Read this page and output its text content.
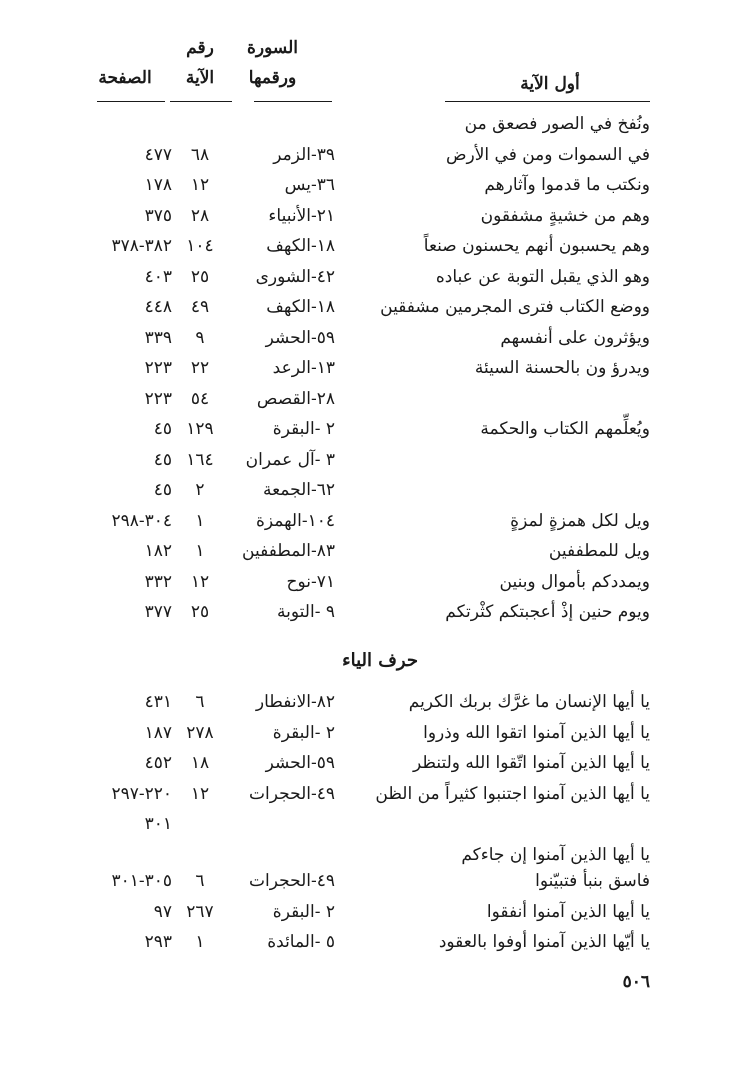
السورة
رقم
ورقمها
الآية
الصفحة	أول الآية
ونُفخ في الصور فصعق من
في السموات ومن في الأرض
٣٩-الزمر
٦٨
٤٧٧
ونكتب ما قدموا وآثارهم
٣٦-يس
١٢
١٧٨
وهم من خشيةٍ مشفقون
٢١-الأنبياء
٢٨
٣٧٥
وهم يحسبون أنهم يحسنون صنعاً
١٨-الكهف
١٠٤
٣٨٢-٣٧٨
وهو الذي يقبل التوبة عن عباده
٤٢-الشورى
٢٥
٤٠٣
ووضع الكتاب فترى المجرمين مشفقين
١٨-الكهف
٤٩
٤٤٨
ويؤثرون على أنفسهم
٥٩-الحشر
٩
٣٣٩
ويدرؤ ون بالحسنة السيئة
١٣-الرعد
٢٢
٢٢٣
٢٨-القصص
٥٤
٢٢٣
ويُعلِّمهم الكتاب والحكمة
٢ -البقرة
١٢٩
٤٥
٣ -آل عمران
١٦٤
٤٥
٦٢-الجمعة
٢
٤٥
ويل لكل همزةٍ لمزةٍ
١٠٤-الهمزة
١
٣٠٤-٢٩٨
ويل للمطففين
٨٣-المطففين
١
١٨٢
ويمددكم بأموال وبنين
٧١-نوح
١٢
٣٣٢
ويوم حنين إذْ أعجبتكم كثْرتكم
٩ -التوبة
٢٥
٣٧٧
حرف الياء
يا أيها الإنسان ما غرَّك بربك الكريم
٨٢-الانفطار
٦
٤٣١
يا أيها الذين آمنوا اتقوا الله وذروا
٢ -البقرة
٢٧٨
١٨٧
يا أيها الذين آمنوا اتّقوا الله ولتنظر
٥٩-الحشر
١٨
٤٥٢
يا أيها الذين آمنوا اجتنبوا كثيراً من الظن
٤٩-الحجرات
١٢
٢٢٠-٢٩٧
٣٠١
يا أيها الذين آمنوا إن جاءكم
فاسق بنبأ فتبيّنوا
٤٩-الحجرات
٦
٣٠٥-٣٠١
يا أيها الذين آمنوا أنفقوا
٢ -البقرة
٢٦٧
٩٧
يا أيّها الذين آمنوا أوفوا بالعقود
٥ -المائدة
١
٢٩٣
٥٠٦
